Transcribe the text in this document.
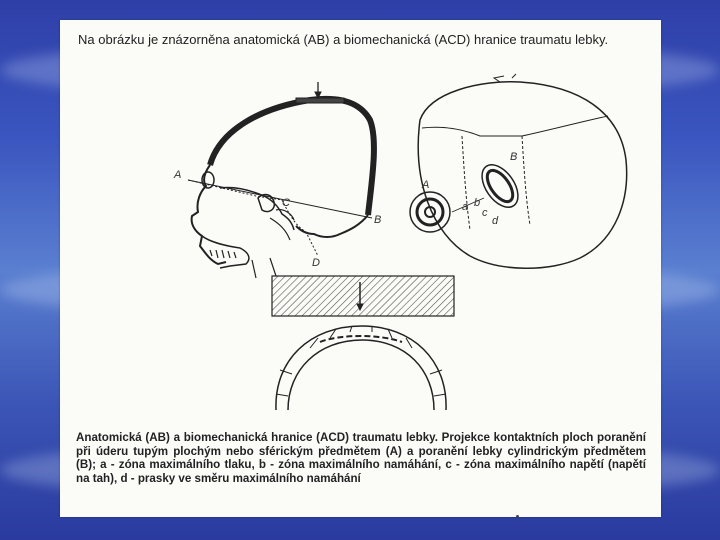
Na obrázku je znázorněna anatomická (AB) a biomechanická (ACD) hranice traumatu lebky.
A
B
C
D
A
B
a b
c
d
Anatomická (AB) a biomechanická hranice (ACD) traumatu lebky. Projekce kontaktních ploch poranění při úderu tupým plochým nebo sférickým předmětem (A) a poranění lebky cylindrickým předmětem (B); a - zóna maximálního tlaku, b - zóna maximálního namáhání, c - zóna maximálního napětí (napětí na tah), d - prasky ve směru maximálního namáhání
